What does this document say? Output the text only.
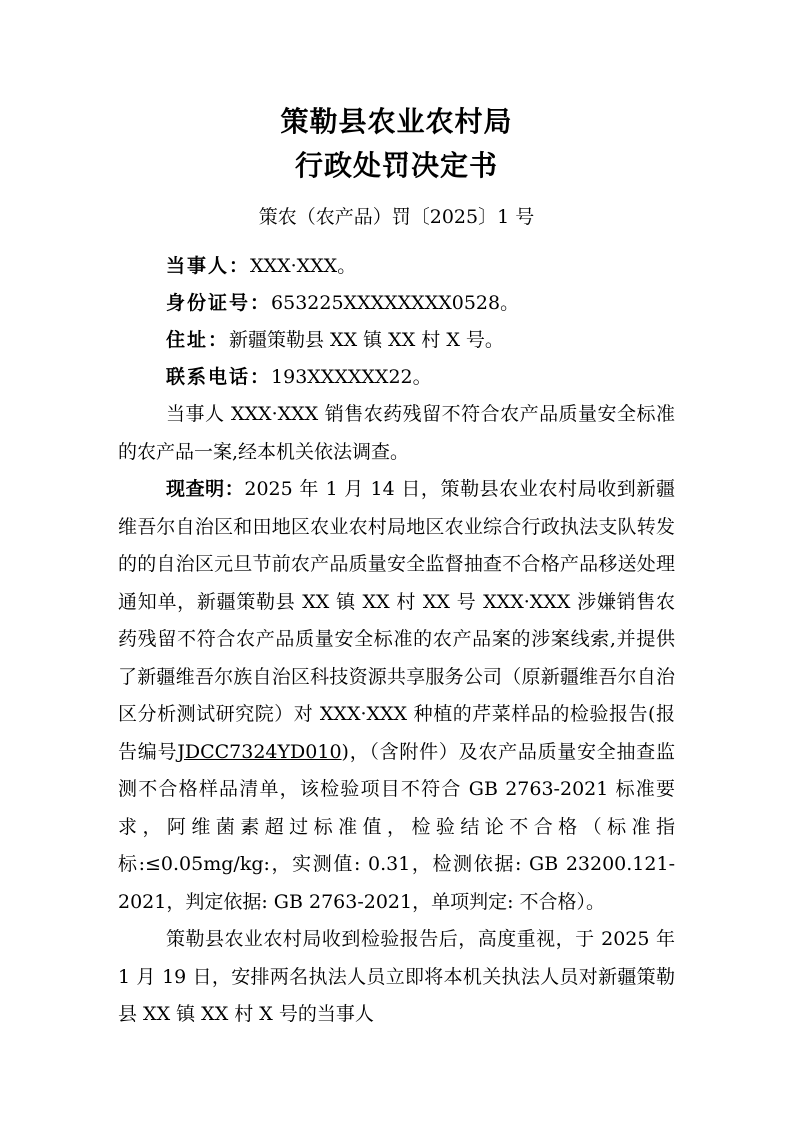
策勒县农业农村局
行政处罚决定书
策农（农产品）罚〔2025〕1 号
当事人：XXX·XXX。
身份证号：653225XXXXXXXX0528。
住址：新疆策勒县 XX 镇 XX 村 X 号。
联系电话：193XXXXXX22。

当事人 XXX·XXX 销售农药残留不符合农产品质量安全标准的农产品一案,经本机关依法调查。

现查明：2025 年 1 月 14 日，策勒县农业农村局收到新疆维吾尔自治区和田地区农业农村局地区农业综合行政执法支队转发的的自治区元旦节前农产品质量安全监督抽查不合格产品移送处理通知单，新疆策勒县 XX 镇 XX 村 XX 号 XXX·XXX 涉嫌销售农药残留不符合农产品质量安全标准的农产品案的涉案线索,并提供了新疆维吾尔族自治区科技资源共享服务公司（原新疆维吾尔自治区分析测试研究院）对 XXX·XXX 种植的芹菜样品的检验报告(报告编号JDCC7324YD010)，（含附件）及农产品质量安全抽查监测不合格样品清单，该检验项目不符合 GB 2763-2021 标准要求，阿维菌素超过标准值，检验结论不合格（标准指标:≤0.05mg/kg:，实测值: 0.31，检测依据: GB 23200.121-2021，判定依据: GB 2763-2021，单项判定: 不合格）。

策勒县农业农村局收到检验报告后，高度重视，于 2025 年 1 月 19 日，安排两名执法人员立即将本机关执法人员对新疆策勒县 XX 镇 XX 村 X 号的当事人
